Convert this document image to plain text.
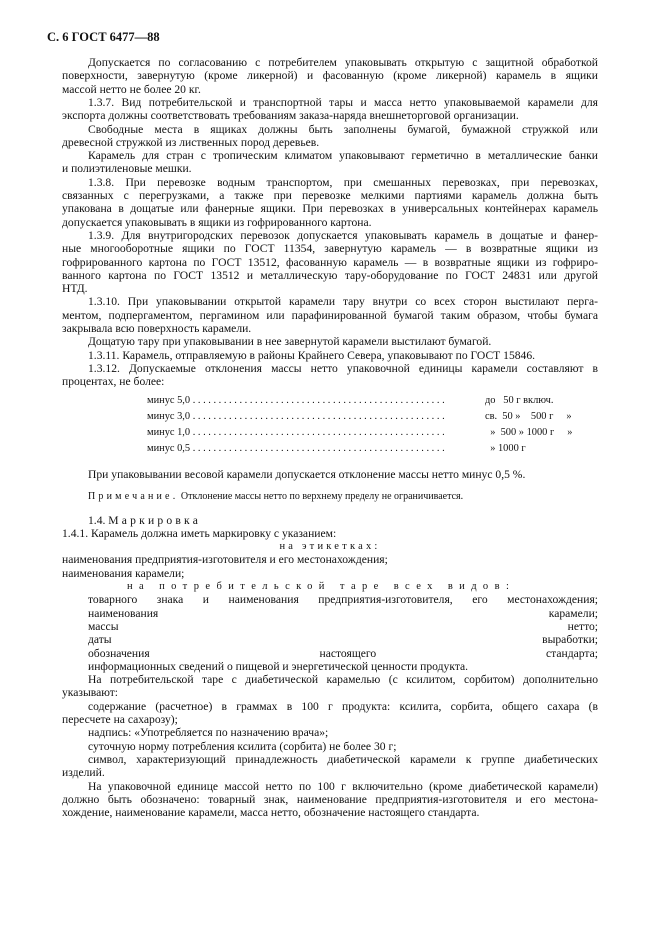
С. 6 ГОСТ 6477—88
Допускается по согласованию с потребителем упаковывать открытую с защитной обработкой
поверхности, завернутую (кроме ликерной) и фасованную (кроме ликерной) карамель в ящики
массой нетто не более 20 кг.
1.3.7. Вид потребительской и транспортной тары и масса нетто упаковываемой карамели для
экспорта должны соответствовать требованиям заказа-наряда внешнеторговой организации.
Свободные места в ящиках должны быть заполнены бумагой, бумажной стружкой или
древесной стружкой из лиственных пород деревьев.
Карамель для стран с тропическим климатом упаковывают герметично в металлические банки
и полиэтиленовые мешки.
1.3.8. При перевозке водным транспортом, при смешанных перевозках, при перевозках,
связанных с перегрузками, а также при перевозке мелкими партиями карамель должна быть
упакована в дощатые или фанерные ящики. При перевозках в универсальных контейнерах карамель
допускается упаковывать в ящики из гофрированного картона.
1.3.9. Для внутригородских перевозок допускается упаковывать карамель в дощатые и фанер-
ные многооборотные ящики по ГОСТ 11354, завернутую карамель — в возвратные ящики из
гофрированного картона по ГОСТ 13512, фасованную карамель — в возвратные ящики из гофриро-
ванного картона по ГОСТ 13512 и металлическую тару-оборудование по ГОСТ 24831 или другой
НТД.
1.3.10. При упаковывании открытой карамели тару внутри со всех сторон выстилают перга-
ментом, подпергаментом, пергамином или парафинированной бумагой таким образом, чтобы бумага
закрывала всю поверхность карамели.
Дощатую тару при упаковывании в нее завернутой карамели выстилают бумагой.
1.3.11. Карамель, отправляемую в районы Крайнего Севера, упаковывают по ГОСТ 15846.
1.3.12. Допускаемые отклонения массы нетто упаковочной единицы карамели составляют в
процентах, не более:
минус 5,0 . . . . . . . . . . . . . . . . . . . . . . . . . . . . . . . . . . . . . . . . . . . . . . . . .	до   50 г включ.
минус 3,0 . . . . . . . . . . . . . . . . . . . . . . . . . . . . . . . . . . . . . . . . . . . . . . . . .	св.  50 »    500 г     »
минус 1,0 . . . . . . . . . . . . . . . . . . . . . . . . . . . . . . . . . . . . . . . . . . . . . . . . .	»  500 » 1000 г     »
минус 0,5 . . . . . . . . . . . . . . . . . . . . . . . . . . . . . . . . . . . . . . . . . . . . . . . . .	» 1000 г
При упаковывании весовой карамели допускается отклонение массы нетто минус 0,5 %.
Примечание. Отклонение массы нетто по верхнему пределу не ограничивается.
1.4. Маркировка
1.4.1. Карамель должна иметь маркировку с указанием:
на этикетках:
наименования предприятия-изготовителя и его местонахождения;
наименования карамели;
на потребительской таре всех видов:
товарного знака и наименования предприятия-изготовителя, его местонахождения;
наименования карамели;
массы нетто;
даты выработки;
обозначения настоящего стандарта;
информационных сведений о пищевой и энергетической ценности продукта.
На потребительской таре с диабетической карамелью (с ксилитом, сорбитом) дополнительно
указывают:
содержание (расчетное) в граммах в 100 г продукта: ксилита, сорбита, общего сахара (в
пересчете на сахарозу);
надпись: «Употребляется по назначению врача»;
суточную норму потребления ксилита (сорбита) не более 30 г;
символ, характеризующий принадлежность диабетической карамели к группе диабетических
изделий.
На упаковочной единице массой нетто по 100 г включительно (кроме диабетической карамели)
должно быть обозначено: товарный знак, наименование предприятия-изготовителя и его местона-
хождение, наименование карамели, масса нетто, обозначение настоящего стандарта.
